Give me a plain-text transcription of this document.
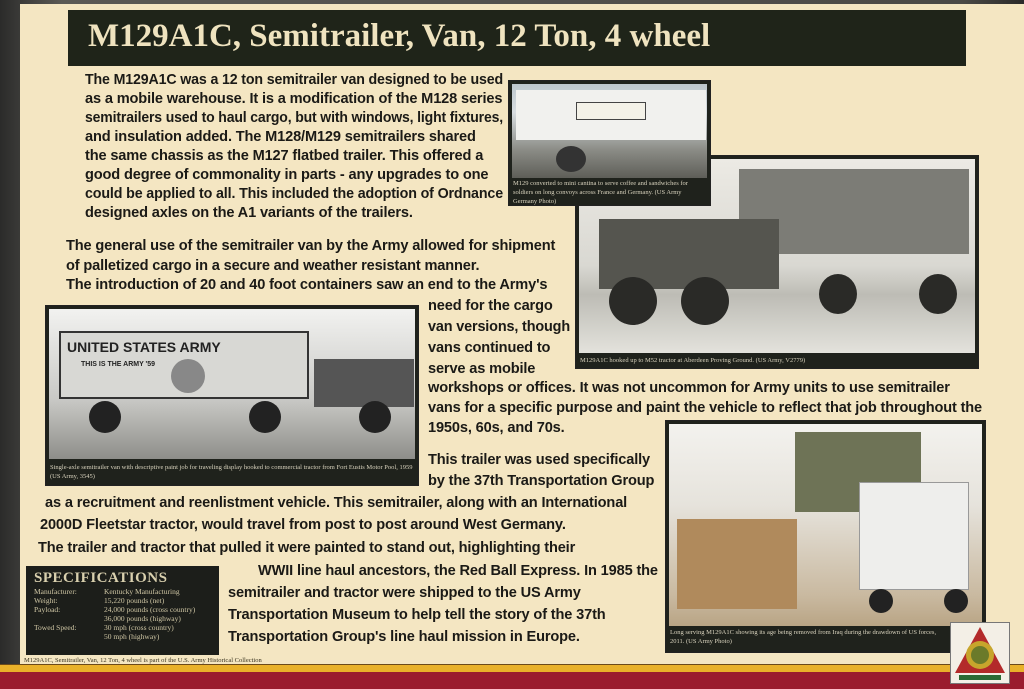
M129A1C, Semitrailer, Van, 12 Ton, 4 wheel
The M129A1C was a 12 ton semitrailer van designed to be used
as a mobile warehouse. It is a modification of the M128 series
semitrailers used to haul cargo, but with windows, light fixtures,
and insulation added. The M128/M129 semitrailers shared
the same chassis as the M127 flatbed trailer. This offered a
good degree of commonality in parts - any upgrades to one
could be applied to all. This included the adoption of Ordnance
designed axles on the A1 variants of the trailers.
The general use of the semitrailer van by the Army allowed for shipment
of palletized cargo in a secure and weather resistant manner.
The introduction of 20 and 40 foot containers saw an end to the Army's
need for the cargo
van versions, though
vans continued to
serve as mobile
workshops or offices. It was not uncommon for Army units to use semitrailer
vans for a specific purpose and paint the vehicle to reflect that job throughout the
1950s, 60s, and 70s.
This trailer was used specifically
by the 37th Transportation Group
as a recruitment and reenlistment vehicle. This semitrailer, along with an International
2000D Fleetstar tractor, would travel from post to post around West Germany.
The trailer and tractor that pulled it were painted to stand out, highlighting their
WWII line haul ancestors, the Red Ball Express. In 1985 the
semitrailer and tractor were shipped to the US Army
Transportation Museum to help tell the story of the 37th
Transportation Group's line haul mission in Europe.
M129 converted to mini cantina to serve coffee and sandwiches for soldiers on long convoys across France and Germany. (US Army Germany Photo)
M129A1C hooked up to M52 tractor at Aberdeen Proving Ground. (US Army, V2779)
UNITED STATES ARMY
THIS IS THE ARMY '59
Single-axle semitrailer van with descriptive paint job for traveling display hooked to commercial tractor from Fort Eustis Motor Pool, 1959 (US Army, 3545)
Long serving M129A1C showing its age being removed from Iraq during the drawdown of US forces, 2011. (US Army Photo)
SPECIFICATIONS
Manufacturer:	Kentucky Manufacturing
Weight:	15,220 pounds (net)
Payload:	24,000 pounds (cross country)
36,000 pounds (highway)
Towed Speed:	30 mph (cross country)
50 mph (highway)
M129A1C, Semitrailer, Van, 12 Ton, 4 wheel is part of the U.S. Army Historical Collection
